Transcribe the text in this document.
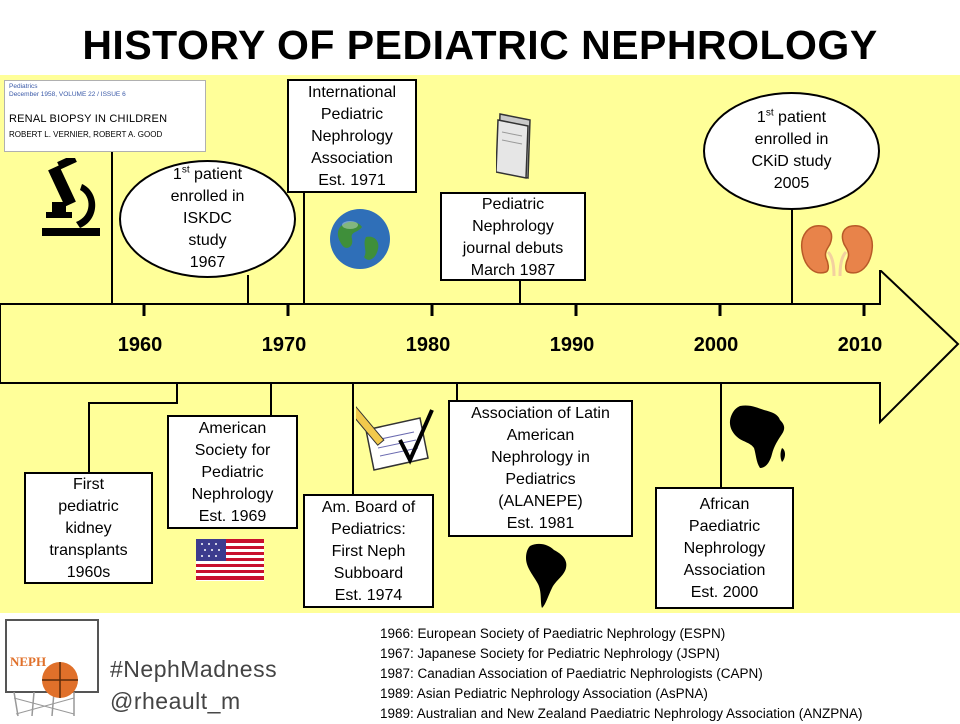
HISTORY OF PEDIATRIC NEPHROLOGY
1960	1970	1980	1990	2000	2010
Pediatrics
December 1958, VOLUME 22 / ISSUE 6
RENAL BIOPSY IN CHILDREN
ROBERT L. VERNIER, ROBERT A. GOOD
1st patient
enrolled in
ISKDC
study
1967
International
Pediatric
Nephrology
Association
Est. 1971
Pediatric
Nephrology
journal debuts
March 1987
1st patient
enrolled in
CKiD study
2005
First
pediatric
kidney
transplants
1960s
American
Society for
Pediatric
Nephrology
Est. 1969
Am. Board of
Pediatrics:
First Neph
Subboard
Est. 1974
Association of Latin
American
Nephrology in
Pediatrics
(ALANEPE)
Est. 1981
African
Paediatric
Nephrology
Association
Est. 2000
NEPH	#NephMadness
@rheault_m
1966: European Society of Paediatric Nephrology (ESPN)
1967: Japanese Society for Pediatric Nephrology (JSPN)
1987: Canadian Association of Paediatric Nephrologists (CAPN)
1989: Asian Pediatric Nephrology Association (AsPNA)
1989: Australian and New Zealand Paediatric Nephrology Association (ANZPNA)
